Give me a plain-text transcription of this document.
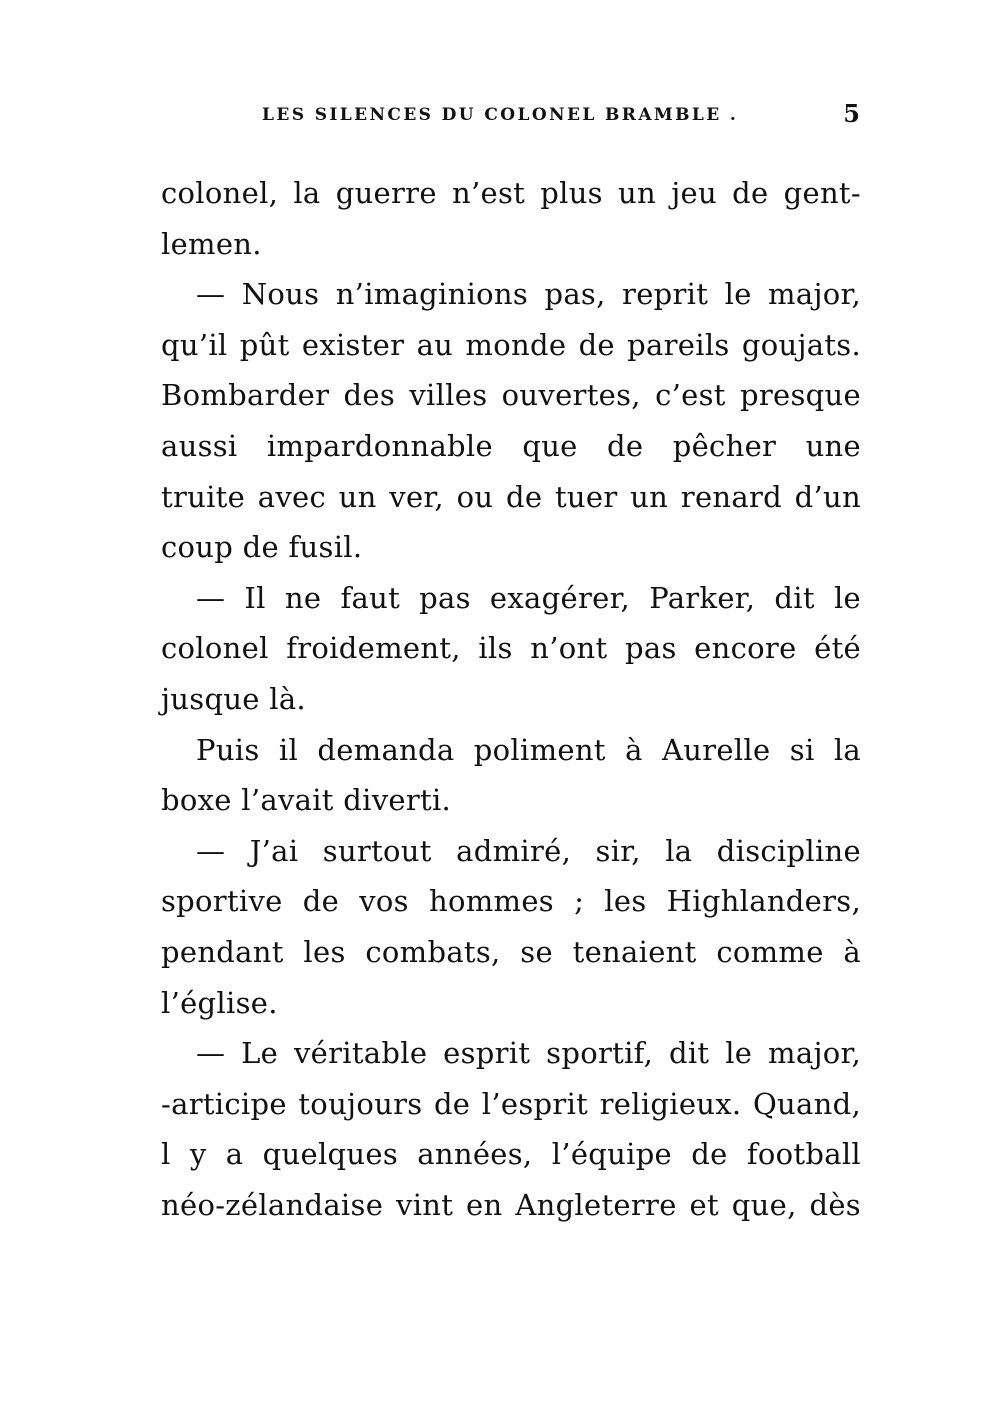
LES SILENCES DU COLONEL BRAMBLE .	5
colonel, la guerre n’est plus un jeu de gent-
lemen.
— Nous n’imaginions pas, reprit le major,
qu’il pût exister au monde de pareils goujats.
Bombarder des villes ouvertes, c’est presque
aussi impardonnable que de pêcher une
truite avec un ver, ou de tuer un renard d’un
coup de fusil.
— Il ne faut pas exagérer, Parker, dit le
colonel froidement, ils n’ont pas encore été
jusque là.
Puis il demanda poliment à Aurelle si la
boxe l’avait diverti.
— J’ai surtout admiré, sir, la discipline
sportive de vos hommes ; les Highlanders,
pendant les combats, se tenaient comme à
l’église.
— Le véritable esprit sportif, dit le major,
-articipe toujours de l’esprit religieux. Quand,
l y a quelques années, l’équipe de football
néo-zélandaise vint en Angleterre et que, dès
